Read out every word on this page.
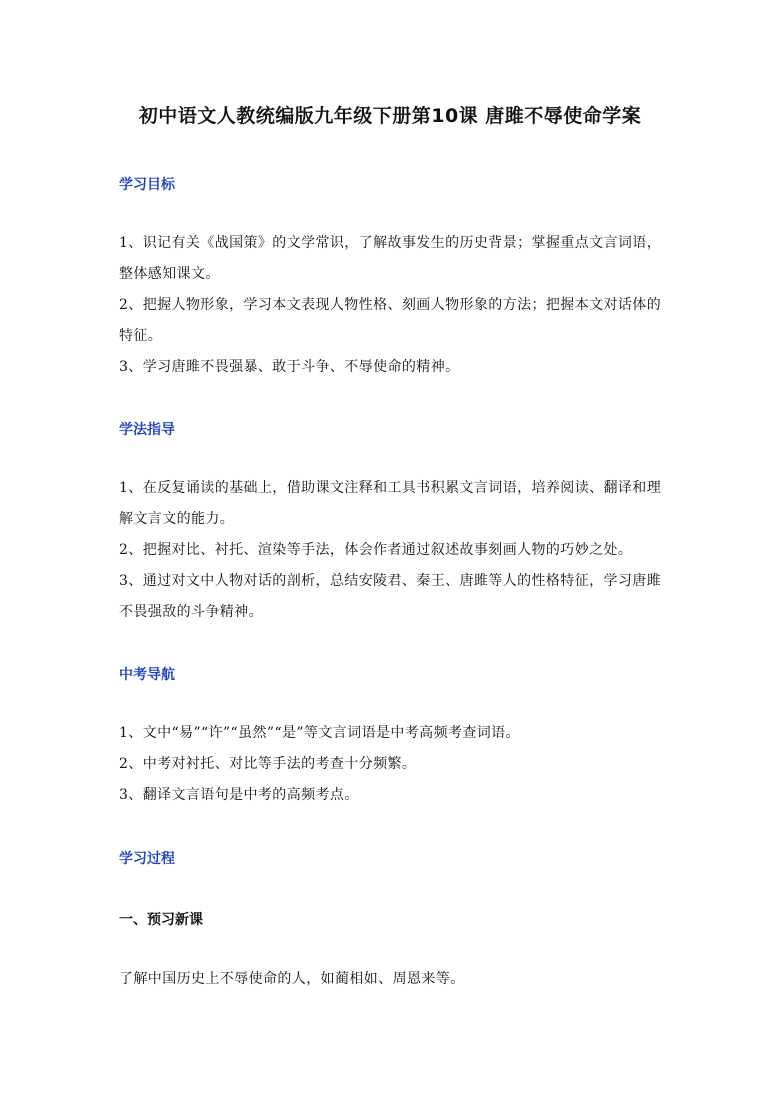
初中语文人教统编版九年级下册第10课 唐雎不辱使命学案
学习目标

1、识记有关《战国策》的文学常识，了解故事发生的历史背景；掌握重点文言词语，整体感知课文。

2、把握人物形象，学习本文表现人物性格、刻画人物形象的方法；把握本文对话体的特征。

3、学习唐雎不畏强暴、敢于斗争、不辱使命的精神。

学法指导

1、在反复诵读的基础上，借助课文注释和工具书积累文言词语，培养阅读、翻译和理解文言文的能力。

2、把握对比、衬托、渲染等手法，体会作者通过叙述故事刻画人物的巧妙之处。

3、通过对文中人物对话的剖析，总结安陵君、秦王、唐雎等人的性格特征，学习唐雎不畏强敌的斗争精神。

中考导航

1、文中“易”“许”“虽然”“是”等文言词语是中考高频考查词语。

2、中考对衬托、对比等手法的考查十分频繁。

3、翻译文言语句是中考的高频考点。

学习过程
一、预习新课

了解中国历史上不辱使命的人，如蔺相如、周恩来等。
